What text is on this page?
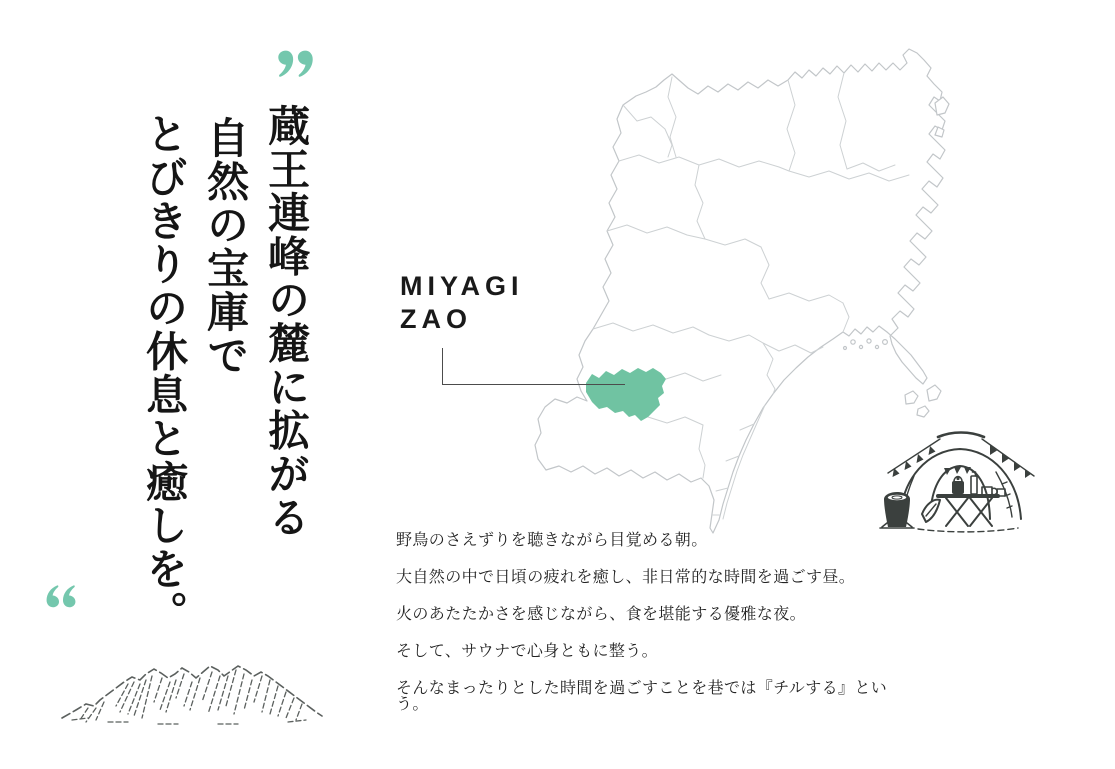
蔵王連峰の麓に拡がる
自然の宝庫で
とびきりの休息と癒しを。	MIYAGI
ZAO

野鳥のさえずりを聴きながら目覚める朝。

大自然の中で日頃の疲れを癒し、非日常的な時間を過ごす昼。

火のあたたかさを感じながら、食を堪能する優雅な夜。

そして、サウナで心身ともに整う。

そんなまったりとした時間を過ごすことを巷では『チルする』という。
